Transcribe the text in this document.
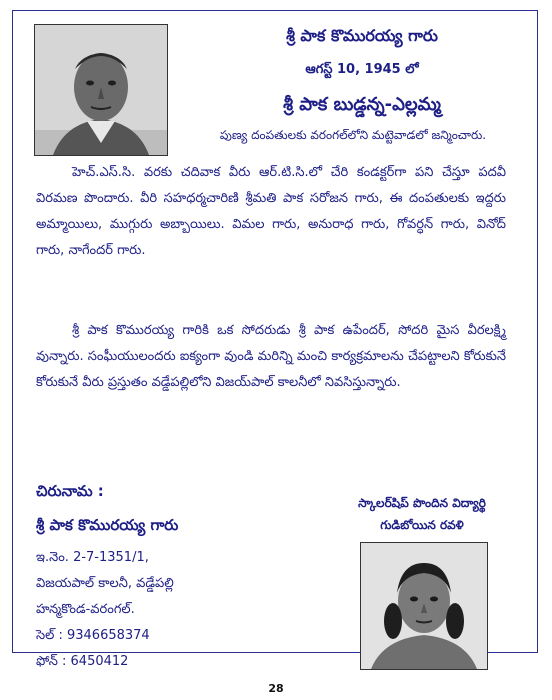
శ్రీ పాక కొమురయ్య గారు
ఆగస్ట్ 10, 1945 లో
శ్రీ పాక బుడ్డన్న-ఎల్లమ్మ
పుణ్య దంపతులకు వరంగల్‌లోని మట్టెవాడలో జన్మించారు.

హెచ్.ఎస్.సి. వరకు చదివాక వీరు ఆర్.టి.సి.లో చేరి కండక్టర్‌గా పని చేస్తూ పదవీ విరమణ పొందారు. వీరి సహధర్మచారిణి శ్రీమతి పాక సరోజన గారు, ఈ దంపతులకు ఇద్దరు అమ్మాయిలు, ముగ్గురు అబ్బాయిలు. విమల గారు, అనురాధ గారు, గోవర్ధన్ గారు, వినోద్ గారు, నాగేందర్ గారు.

శ్రీ పాక కొమురయ్య గారికి ఒక సోదరుడు శ్రీ పాక ఉపేందర్, సోదరి మైస వీరలక్ష్మి వున్నారు. సంఘీయులందరు ఐక్యంగా వుండి మరిన్ని మంచి కార్యక్రమాలను చేపట్టాలని కోరుకునే కోరుకునే వీరు ప్రస్తుతం వడ్డేపల్లిలోని విజయ్‌పాల్ కాలనీలో నివసిస్తున్నారు.

చిరునామ :
శ్రీ పాక కొమురయ్య గారు
ఇ.నెం. 2-7-1351/1,
విజయపాల్ కాలనీ, వడ్డేపల్లి
హన్మకొండ-వరంగల్.
సెల్ : 9346658374
ఫోన్ : 6450412
స్కాలర్‌షిప్ పొందిన విద్యార్థి
గుడిబోయిన రవళి
28
